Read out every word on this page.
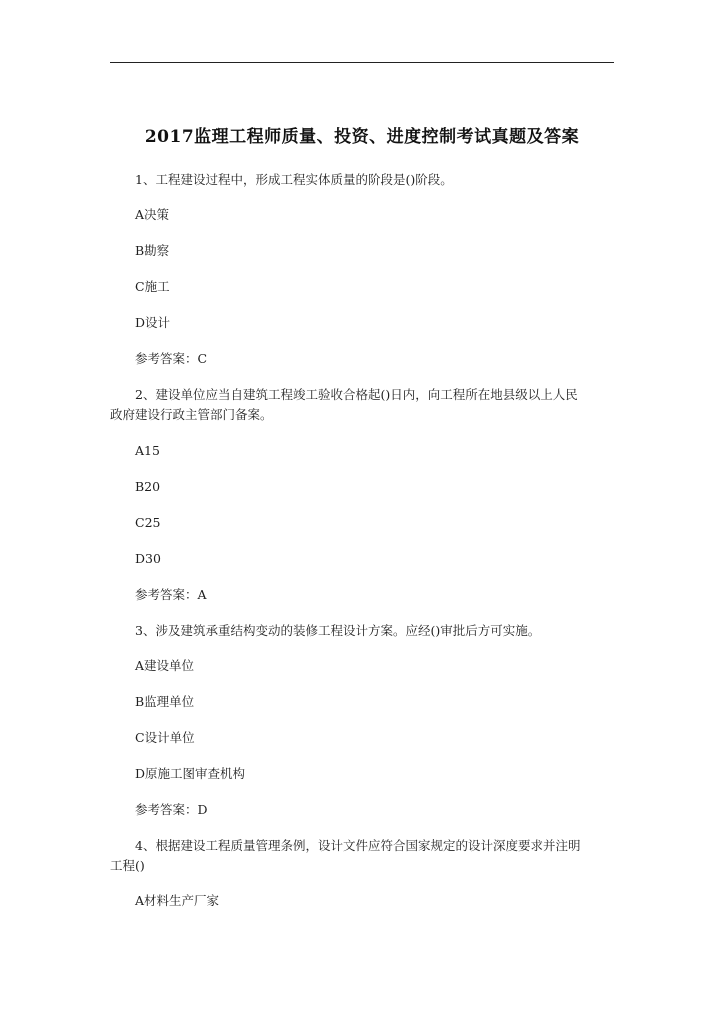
2017监理工程师质量、投资、进度控制考试真题及答案
1、工程建设过程中，形成工程实体质量的阶段是()阶段。
A决策
B勘察
C施工
D设计
参考答案：C
2、建设单位应当自建筑工程竣工验收合格起()日内，向工程所在地县级以上人民政府建设行政主管部门备案。
A15
B20
C25
D30
参考答案：A
3、涉及建筑承重结构变动的装修工程设计方案。应经()审批后方可实施。
A建设单位
B监理单位
C设计单位
D原施工图审查机构
参考答案：D
4、根据建设工程质量管理条例，设计文件应符合国家规定的设计深度要求并注明工程()
A材料生产厂家
